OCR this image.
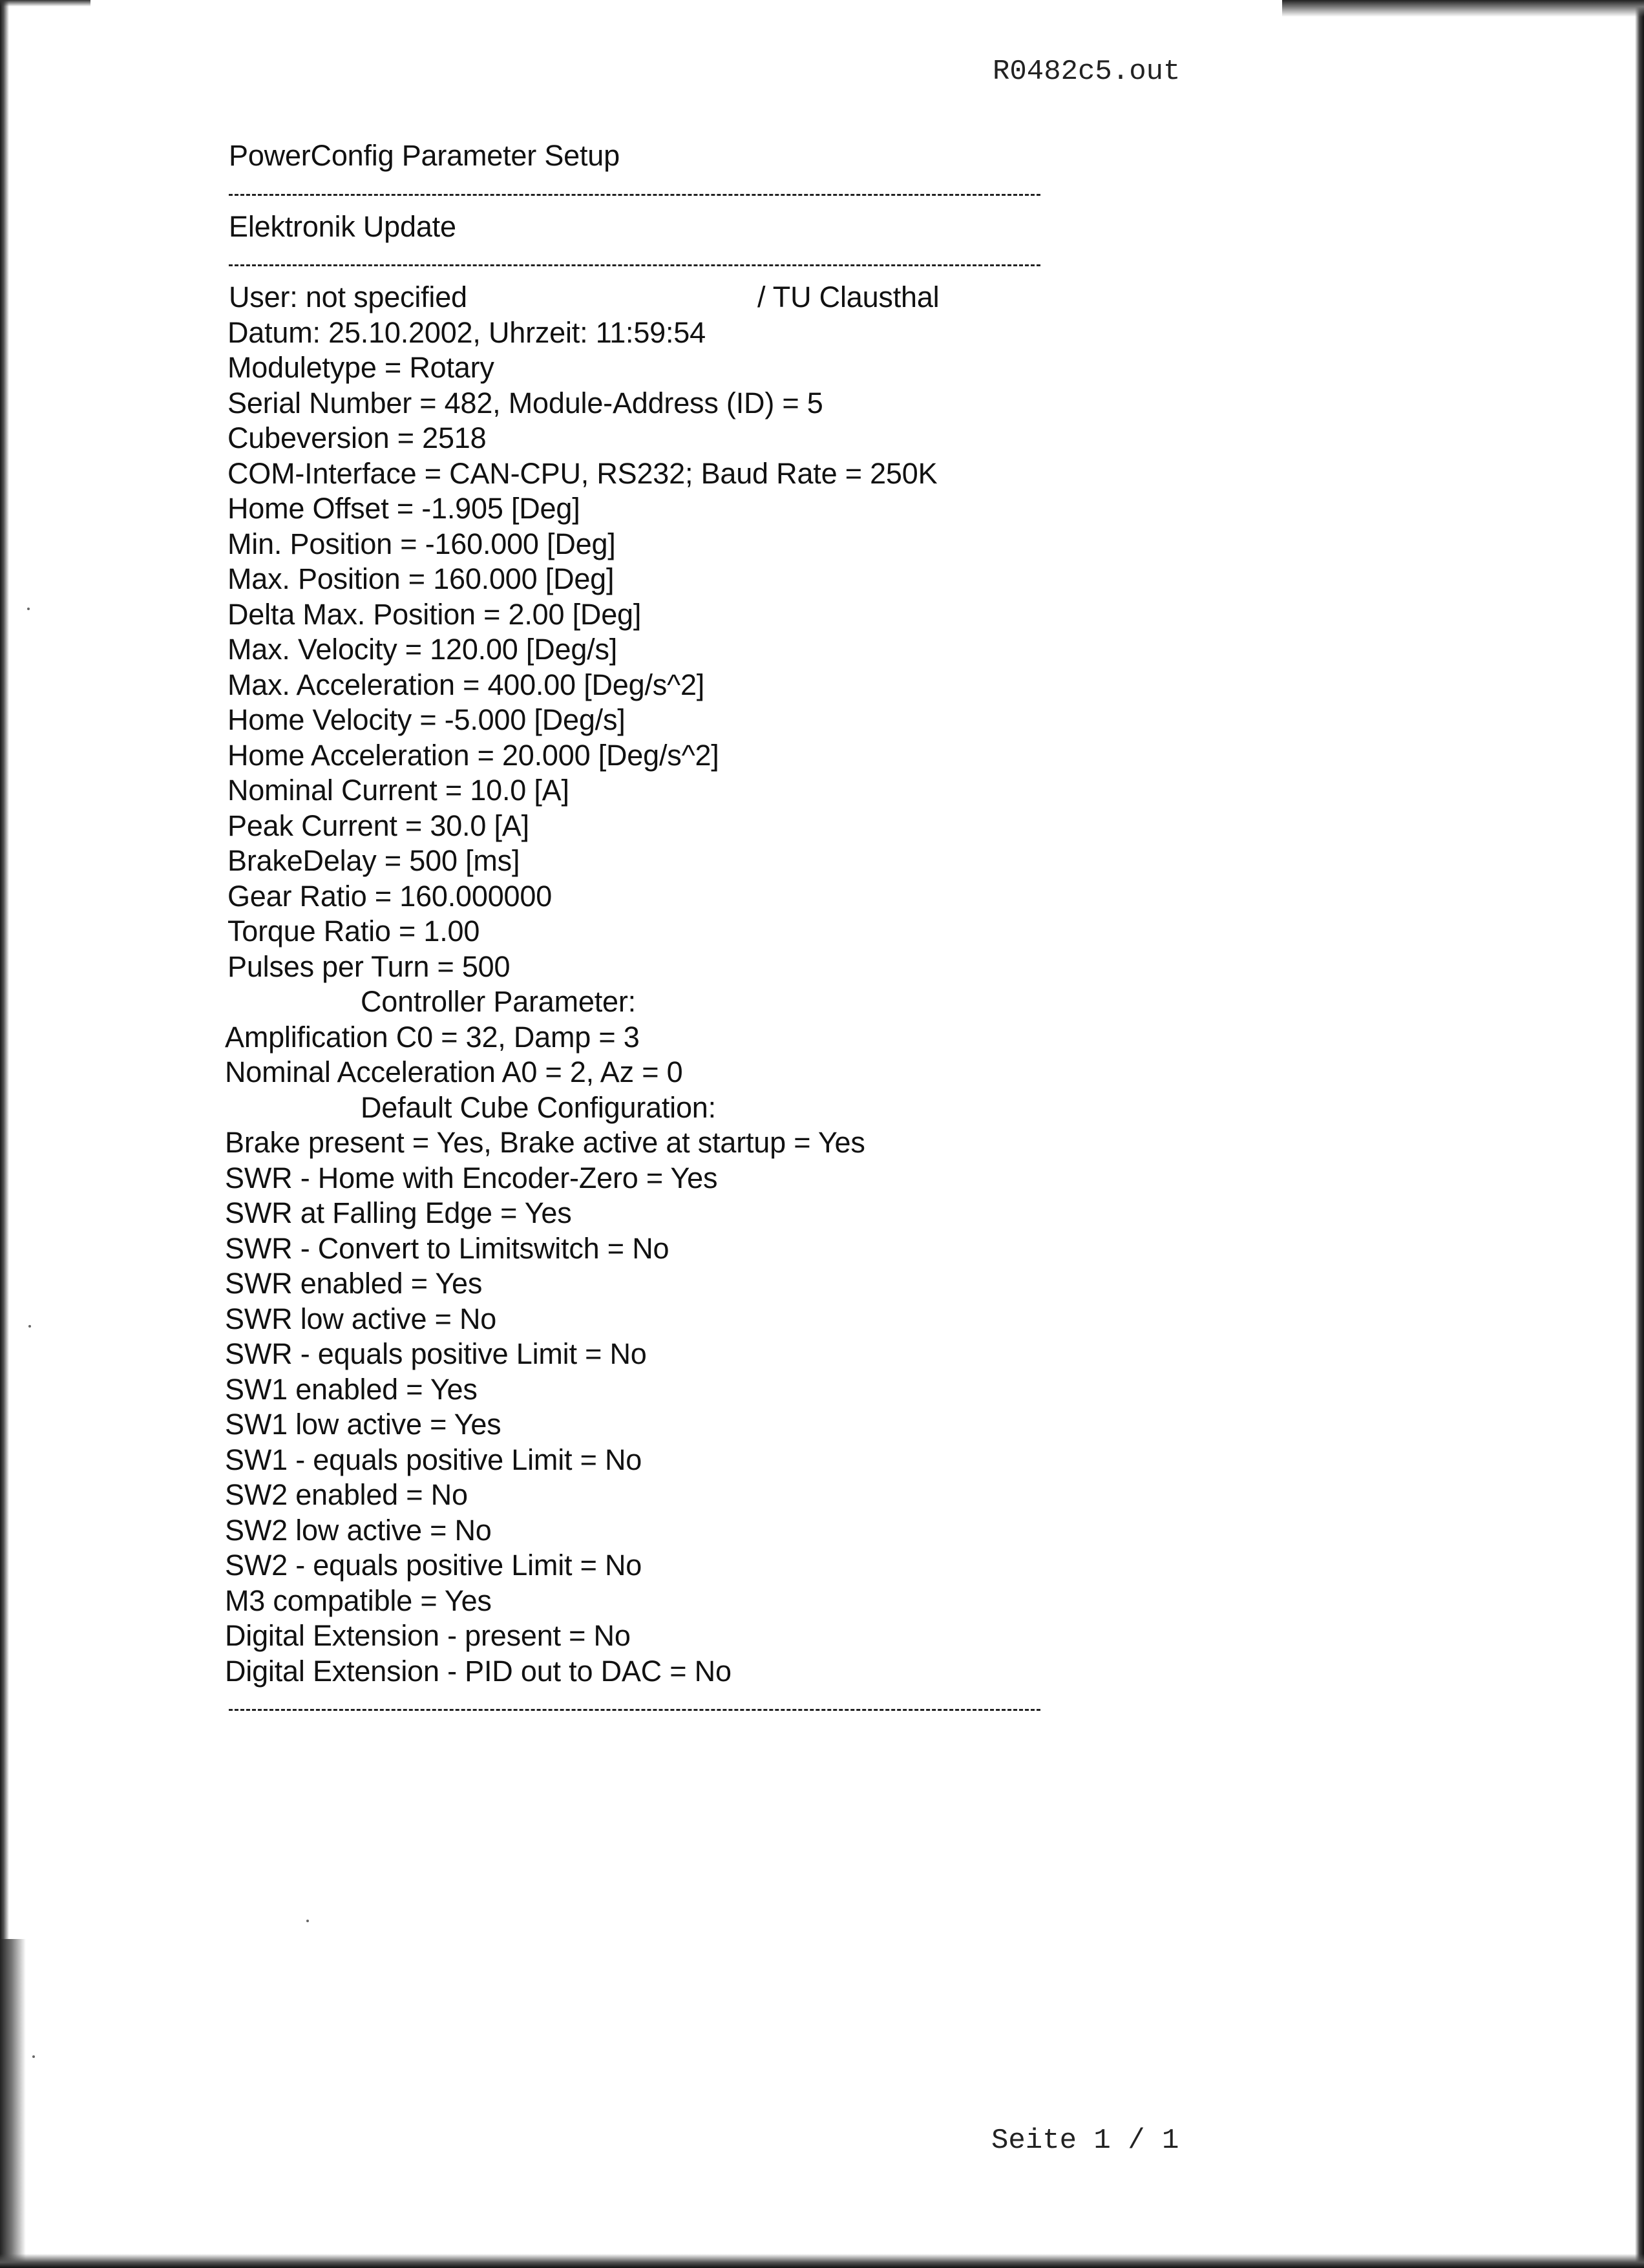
R0482c5.out
PowerConfig Parameter Setup
Elektronik Update
User: not specified	/ TU Clausthal
Datum: 25.10.2002, Uhrzeit: 11:59:54
Moduletype = Rotary
Serial Number = 482, Module-Address (ID) = 5
Cubeversion = 2518
COM-Interface = CAN-CPU, RS232; Baud Rate = 250K
Home Offset = -1.905 [Deg]
Min. Position = -160.000 [Deg]
Max. Position = 160.000 [Deg]
Delta Max. Position = 2.00 [Deg]
Max. Velocity = 120.00 [Deg/s]
Max. Acceleration = 400.00 [Deg/s^2]
Home Velocity = -5.000 [Deg/s]
Home Acceleration = 20.000 [Deg/s^2]
Nominal Current = 10.0 [A]
Peak Current = 30.0 [A]
BrakeDelay = 500 [ms]
Gear Ratio = 160.000000
Torque Ratio = 1.00
Pulses per Turn = 500
Controller Parameter:
Amplification C0 = 32, Damp = 3
Nominal Acceleration A0 = 2, Az = 0
Default Cube Configuration:
Brake present = Yes, Brake active at startup = Yes
SWR - Home with Encoder-Zero = Yes
SWR at Falling Edge = Yes
SWR - Convert to Limitswitch = No
SWR enabled = Yes
SWR low active = No
SWR - equals positive Limit = No
SW1 enabled = Yes
SW1 low active = Yes
SW1 - equals positive Limit = No
SW2 enabled = No
SW2 low active = No
SW2 - equals positive Limit = No
M3 compatible = Yes
Digital Extension - present = No
Digital Extension - PID out to DAC = No
Seite 1 / 1
